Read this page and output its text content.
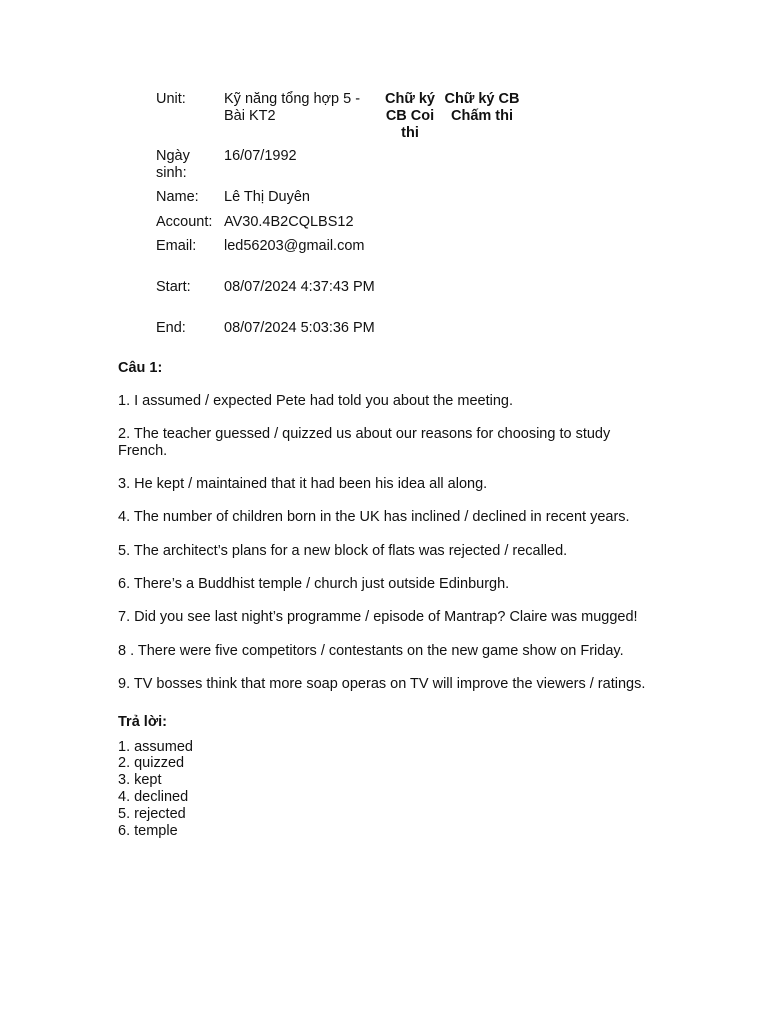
Unit:	Kỹ năng tổng hợp 5 - Bài KT2
Ngày sinh:
16/07/1992
Name:	Lê Thị Duyên
Account: AV30.4B2CQLBS12
Email:	led56203@gmail.com
Start:	08/07/2024 4:37:43 PM
End:	08/07/2024 5:03:36 PM
Chữ ký CB Coi thi
Chữ ký CB Chấm thi
Câu 1:

1. I assumed / expected Pete had told you about the meeting.

2. The teacher guessed / quizzed us about our reasons for choosing to study French.

3. He kept / maintained that it had been his idea all along.

4. The number of children born in the UK has inclined / declined in recent years.

5. The architect’s plans for a new block of flats was rejected / recalled.

6. There’s a Buddhist temple / church just outside Edinburgh.

7. Did you see last night’s programme / episode of Mantrap? Claire was mugged!

8 . There were five competitors / contestants on the new game show on Friday.

9. TV bosses think that more soap operas on TV will improve the viewers / ratings.

Trả lời:
1. assumed
2. quizzed
3. kept
4. declined
5. rejected
6. temple
